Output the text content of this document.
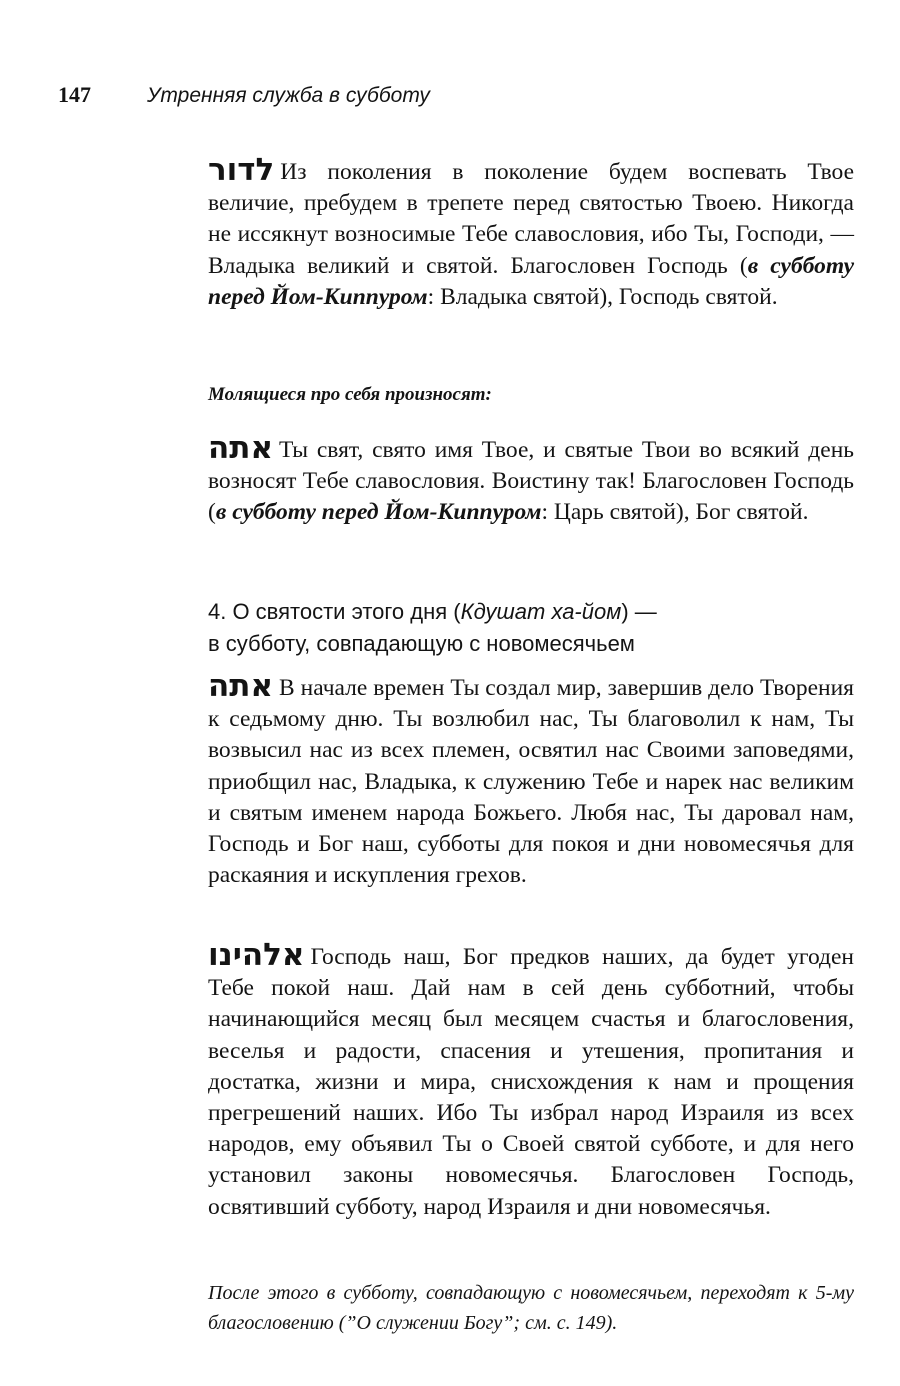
147	Утренняя служба в субботу
לדור Из поколения в поколение будем воспевать Твое величие, пребудем в трепете перед святостью Твоею. Никогда не иссякнут возносимые Тебе славословия, ибо Ты, Господи, — Владыка великий и святой. Благословен Господь (в субботу перед Йом-Киппуром: Владыка святой), Господь святой.
Молящиеся про себя произносят:
אתה Ты свят, свято имя Твое, и святые Твои во всякий день возносят Тебе славословия. Воистину так! Благословен Господь (в субботу перед Йом-Киппуром: Царь святой), Бог святой.
4. О святости этого дня (Кдушат ха-йом) —
в субботу, совпадающую с новомесячьем
אתה В начале времен Ты создал мир, завершив дело Творения к седьмому дню. Ты возлюбил нас, Ты благоволил к нам, Ты возвысил нас из всех племен, освятил нас Своими заповедями, приобщил нас, Владыка, к служению Тебе и нарек нас великим и святым именем народа Божьего. Любя нас, Ты даровал нам, Господь и Бог наш, субботы для покоя и дни новомесячья для раскаяния и искупления грехов.
אלהינו Господь наш, Бог предков наших, да будет угоден Тебе покой наш. Дай нам в сей день субботний, чтобы начинающийся месяц был месяцем счастья и благословения, веселья и радости, спасения и утешения, пропитания и достатка, жизни и мира, снисхождения к нам и прощения прегрешений наших. Ибо Ты избрал народ Израиля из всех народов, ему объявил Ты о Своей святой субботе, и для него установил законы новомесячья. Благословен Господь, освятивший субботу, народ Израиля и дни новомесячья.
После этого в субботу, совпадающую с новомесячьем, переходят к 5-му благословению (”О служении Богу”; см. с. 149).
